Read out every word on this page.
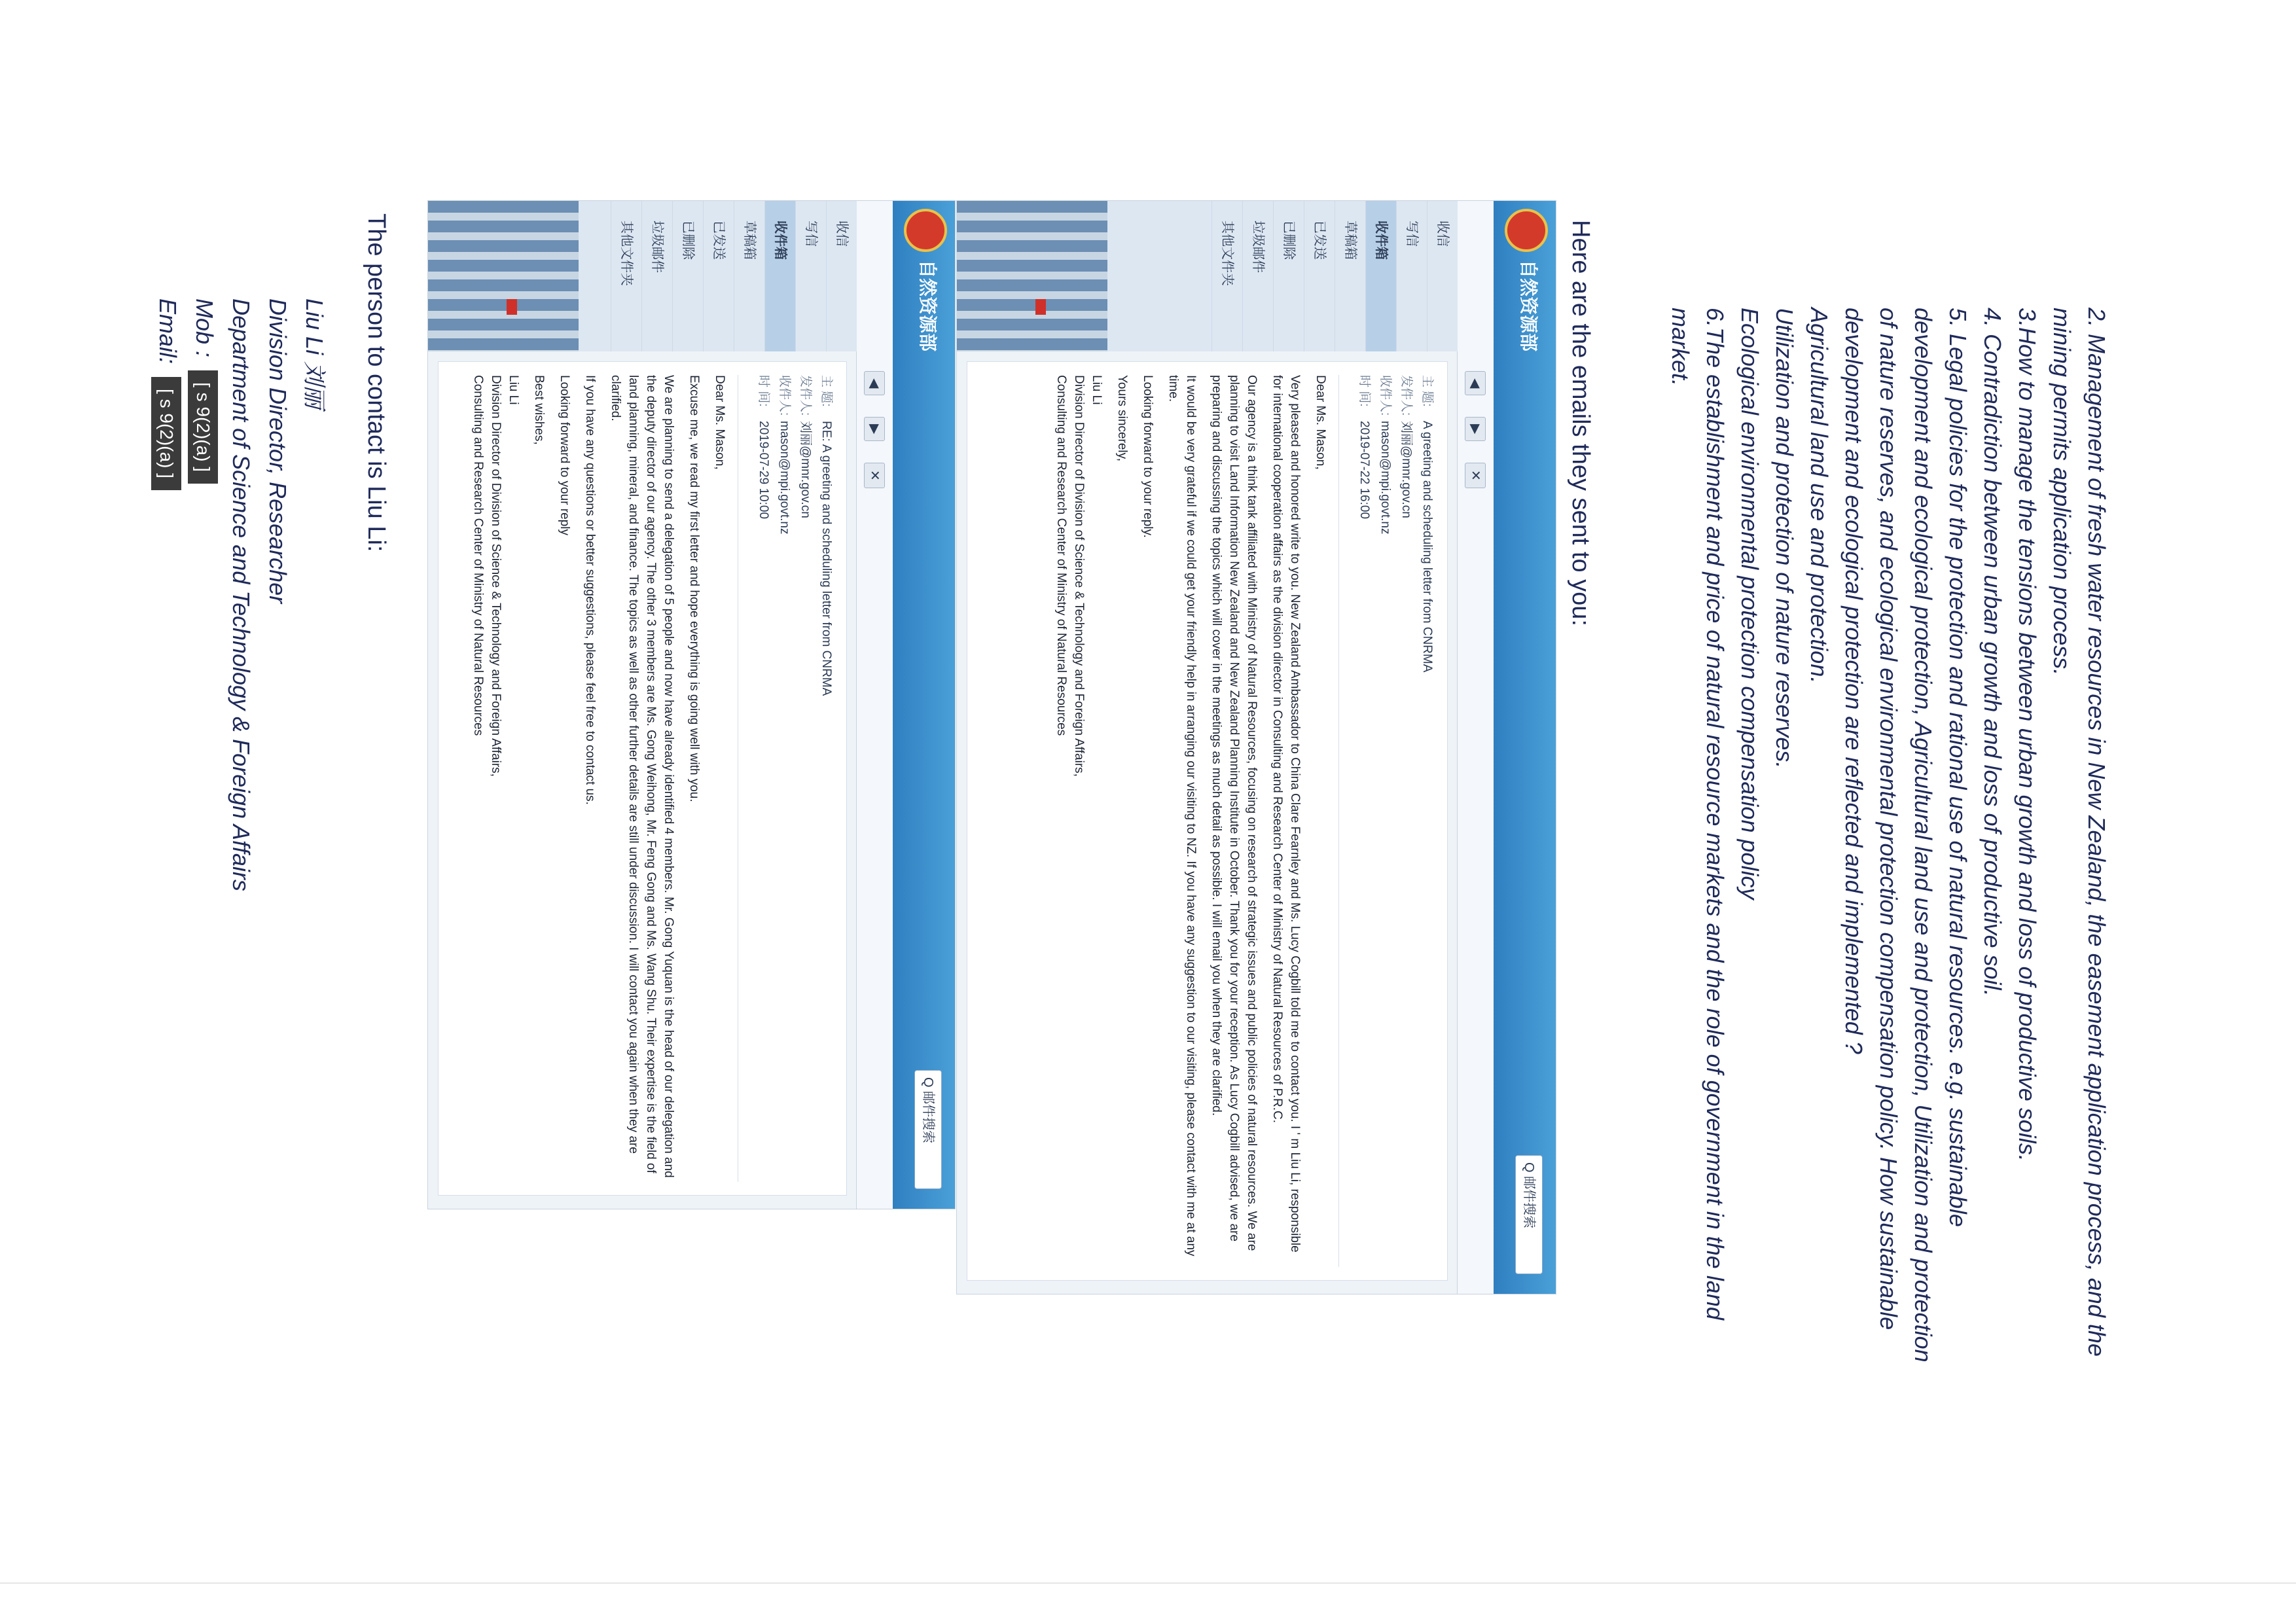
2. Management of fresh water resources in New Zealand, the easement application process, and the mining permits application process.

3.How to manage the tensions between urban growth and loss of productive soils.

4. Contradiction between urban growth and loss of productive soil.

5. Legal policies for the protection and rational use of natural resources. e.g. sustainable development and ecological protection, Agricultural land use and protection, Utilization and protection of nature reserves, and ecological environmental protection compensation policy. How sustainable development and ecological protection are reflected and implemented ?

Agricultural land use and protection.

Utilization and protection of nature reserves.

Ecological environmental protection compensation policy

6.The establishment and price of natural resource markets and the role of government in the land market.

Here are the emails they sent to you:
自然资源部
Q 邮件搜索
◀
▶
✕
收信
写信
收件箱
草稿箱
已发送
已删除
垃圾邮件
其他文件夹
主 题:A greeting and scheduling letter from CNRMA
发件人:刘丽@mnr.gov.cn
收件人:mason@mpi.govt.nz
时 间:2019-07-22 16:00

Dear Ms. Mason,

Very pleased and honored write to you. New Zealand Ambassador to China Clare Fearnley and Ms. Lucy Cogbill told me to contact you. I ' m Liu Li, responsible for international cooperation affairs as the division director in Consulting and Research Center of Ministry of Natural Resources of P.R.C.

Our agency is a think tank affiliated with Ministry of Natural Resources, focusing on research of strategic issues and public policies of natural resources. We are planning to visit Land Information New Zealand and New Zealand Planning Institute in October. Thank you for your reception. As Lucy Cogbill advised, we are preparing and discussing the topics which will cover in the meetings as much detail as possible. I will email you when they are clarified.

It would be very grateful if we could get your friendly help in arranging our visiting to NZ. If you have any suggestion to our visiting, please contact with me at any time.

Looking forward to your reply.

Yours sincerely,

Liu Li

Division Director of Division of Science & Technology and Foreign Affairs,

Consulting and Research Center of Ministry of Natural Resources

自然资源部
Q 邮件搜索
◀
▶
✕
收信
写信
收件箱
草稿箱
已发送
已删除
垃圾邮件
其他文件夹
主 题:RE: A greeting and scheduling letter from CNRMA
发件人:刘丽@mnr.gov.cn
收件人:mason@mpi.govt.nz
时 间:2019-07-29 10:00

Dear Ms. Mason,

Excuse me, we read my first letter and hope everything is going well with you.

We are planning to send a delegation of 5 people and now have already identified 4 members. Mr. Gong Yuquan is the head of our delegation and the deputy director of our agency. The other 3 members are Ms. Gong Weihong, Mr. Feng Gong and Ms. Wang Shu. Their expertise is the field of land planning, mineral, and finance. The topics as well as other further details are still under discussion. I will contact you again when they are clarified.

If you have any questions or better suggestions, please feel free to contact us.

Looking forward to your reply

Best wishes,

Liu Li

Division Director of Division of Science & Technology and Foreign Affairs,

Consulting and Research Center of Ministry of Natural Resources

The person to contact is Liu Li:

Liu Li 刘丽

Division Director, Researcher

Department of Science and Technology & Foreign Affairs

Mob : [ s 9(2)(a) ]

Email: [ s 9(2)(a) ]
